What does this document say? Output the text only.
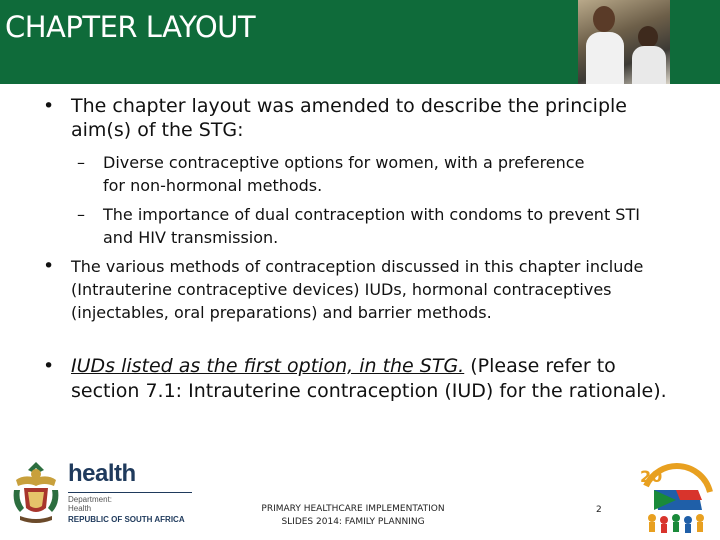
CHAPTER LAYOUT
• The chapter layout was amended to describe the principle aim(s) of the STG:
– Diverse contraceptive options for women, with a preference for non-hormonal methods.
– The importance of dual contraception with condoms to prevent STI and HIV transmission.
• The various methods of contraception discussed in this chapter include (Intrauterine contraceptive devices) IUDs, hormonal contraceptives (injectables, oral preparations) and barrier methods.
• IUDs listed as the first option, in the STG. (Please refer to section 7.1: Intrauterine contraception (IUD) for the rationale).
health
Department:
Health
REPUBLIC OF SOUTH AFRICA
PRIMARY HEALTHCARE IMPLEMENTATION
SLIDES 2014: FAMILY PLANNING
2
20
